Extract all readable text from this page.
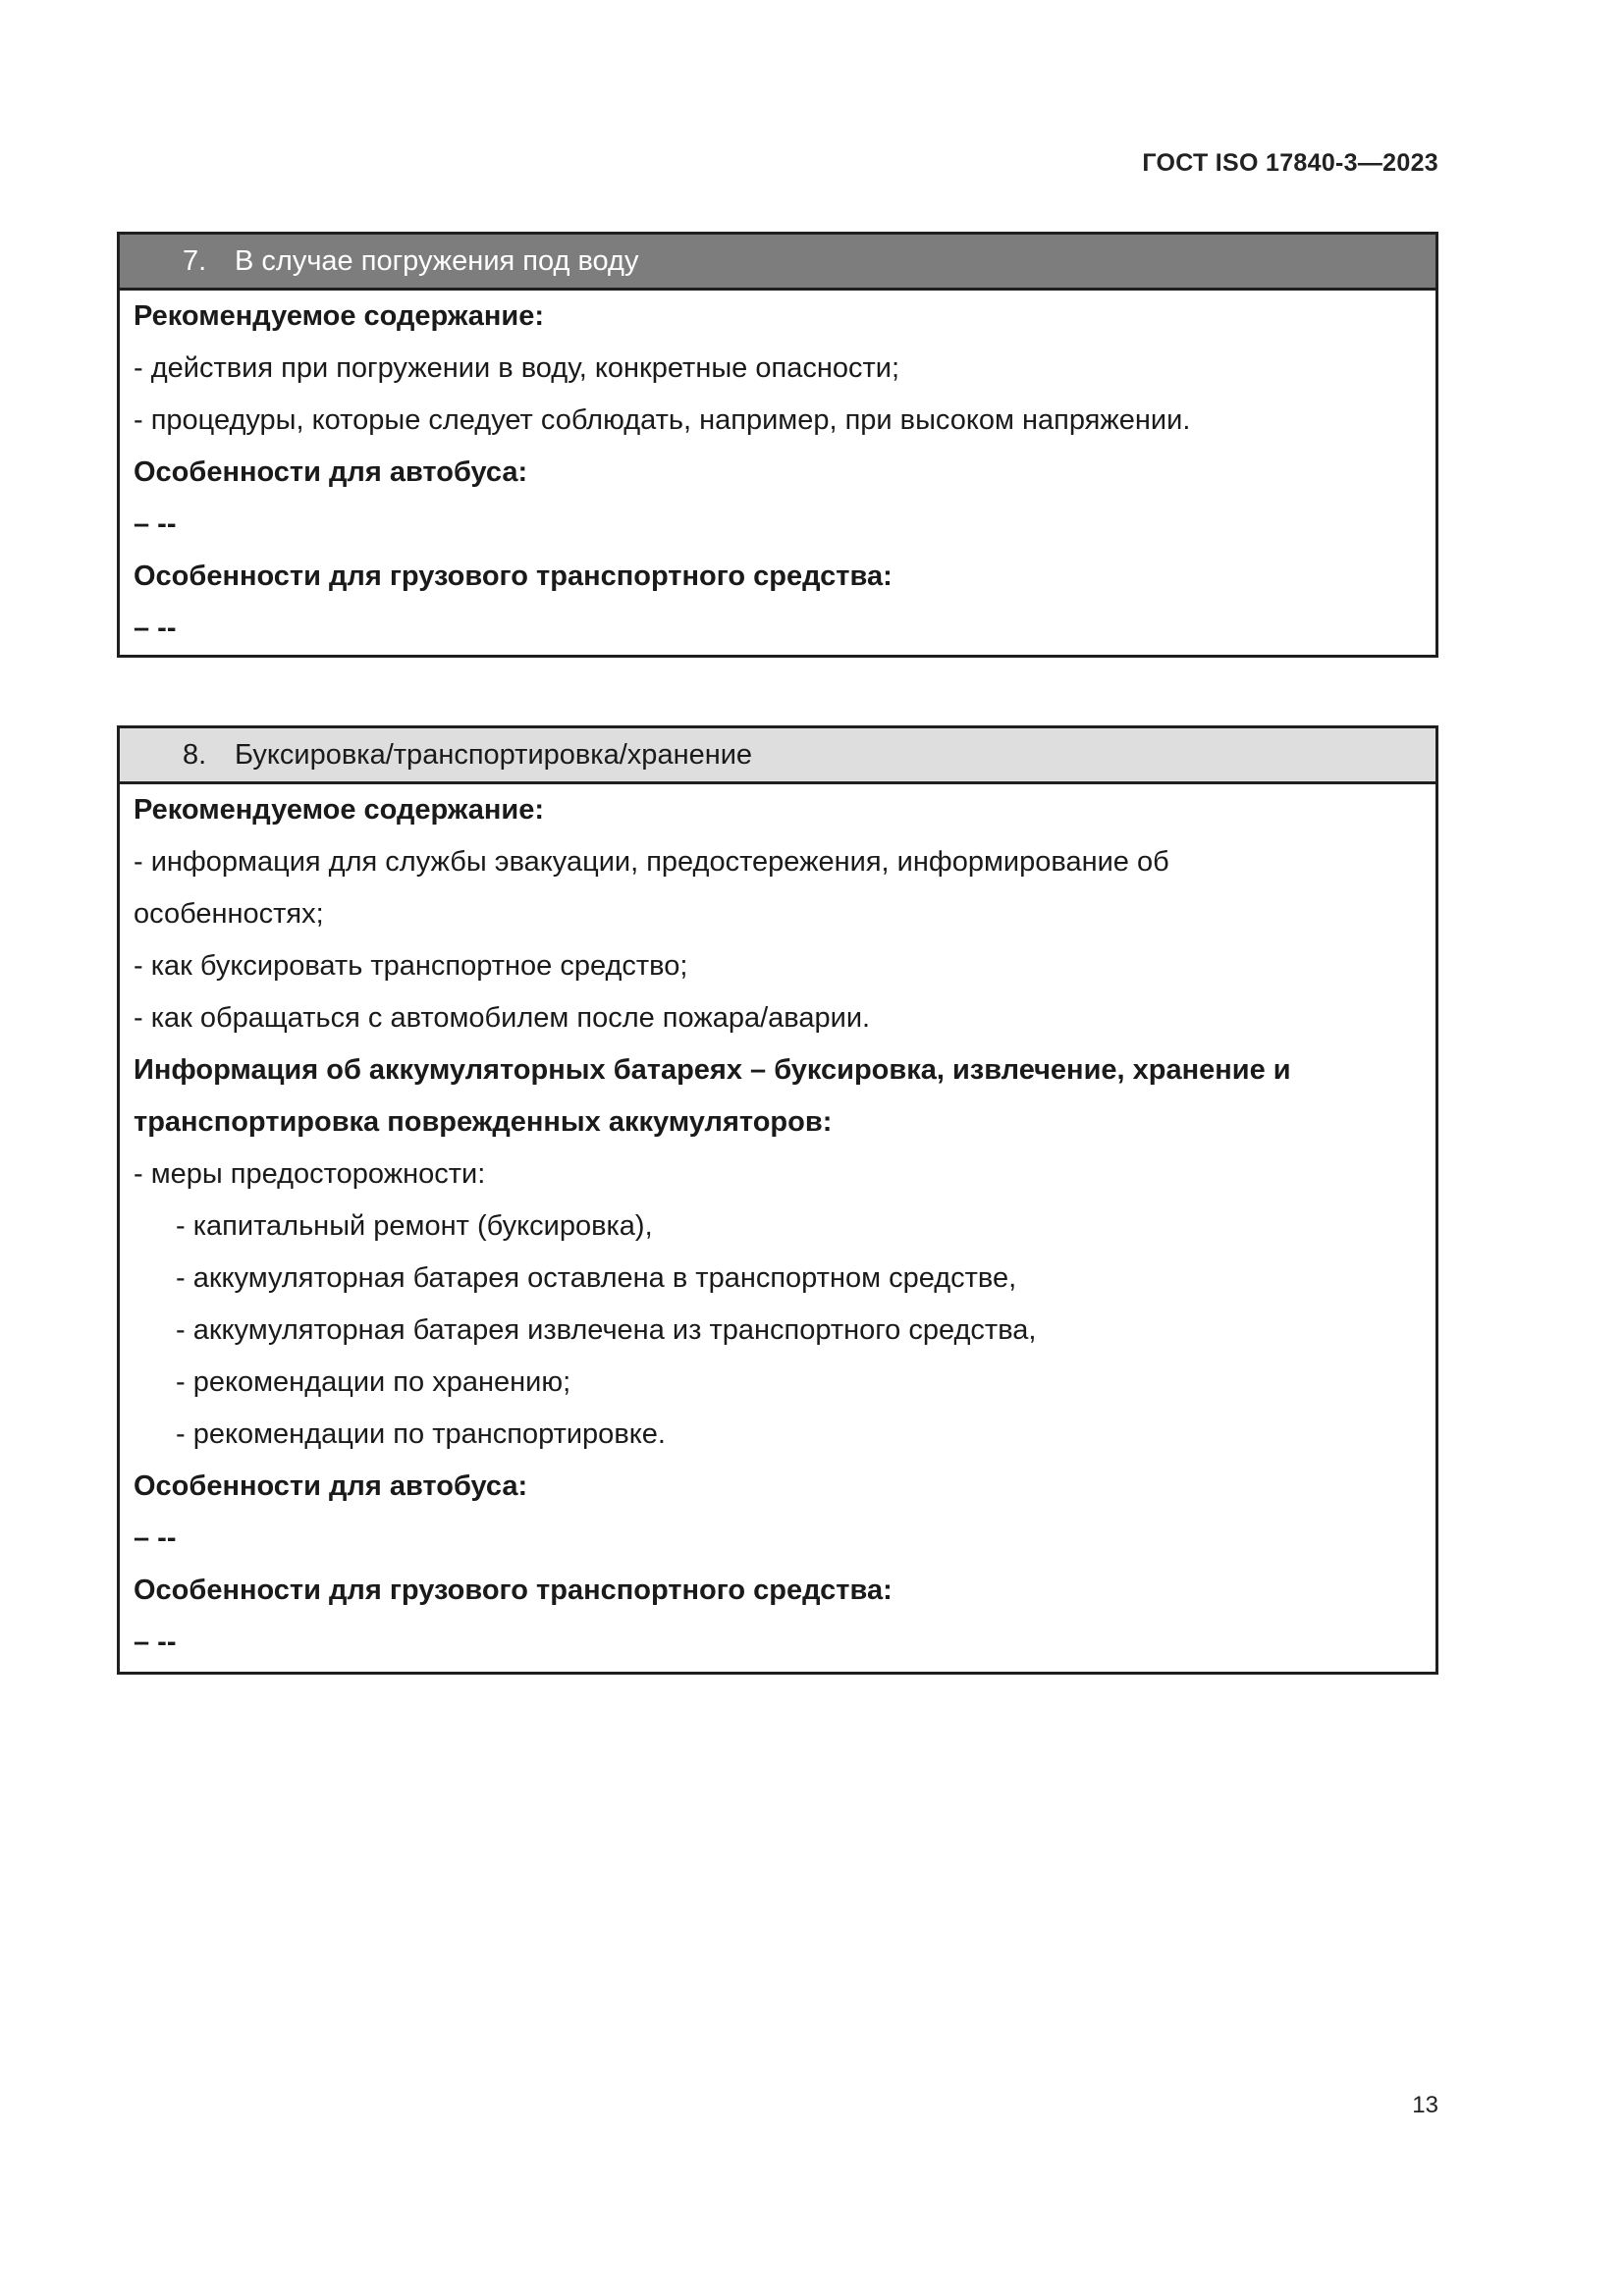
ГОСТ ISO 17840-3—2023
7. В случае погружения под воду
Рекомендуемое содержание:
- действия при погружении в воду, конкретные опасности;
- процедуры, которые следует соблюдать, например, при высоком напряжении.
Особенности для автобуса:
– --
Особенности для грузового транспортного средства:
– --
8. Буксировка/транспортировка/хранение
Рекомендуемое содержание:
- информация для службы эвакуации, предостережения, информирование об
особенностях;
- как буксировать транспортное средство;
- как обращаться с автомобилем после пожара/аварии.
Информация об аккумуляторных батареях – буксировка, извлечение, хранение и
транспортировка поврежденных аккумуляторов:
- меры предосторожности:
- капитальный ремонт (буксировка),
- аккумуляторная батарея оставлена в транспортном средстве,
- аккумуляторная батарея извлечена из транспортного средства,
- рекомендации по хранению;
- рекомендации по транспортировке.
Особенности для автобуса:
– --
Особенности для грузового транспортного средства:
– --
13
